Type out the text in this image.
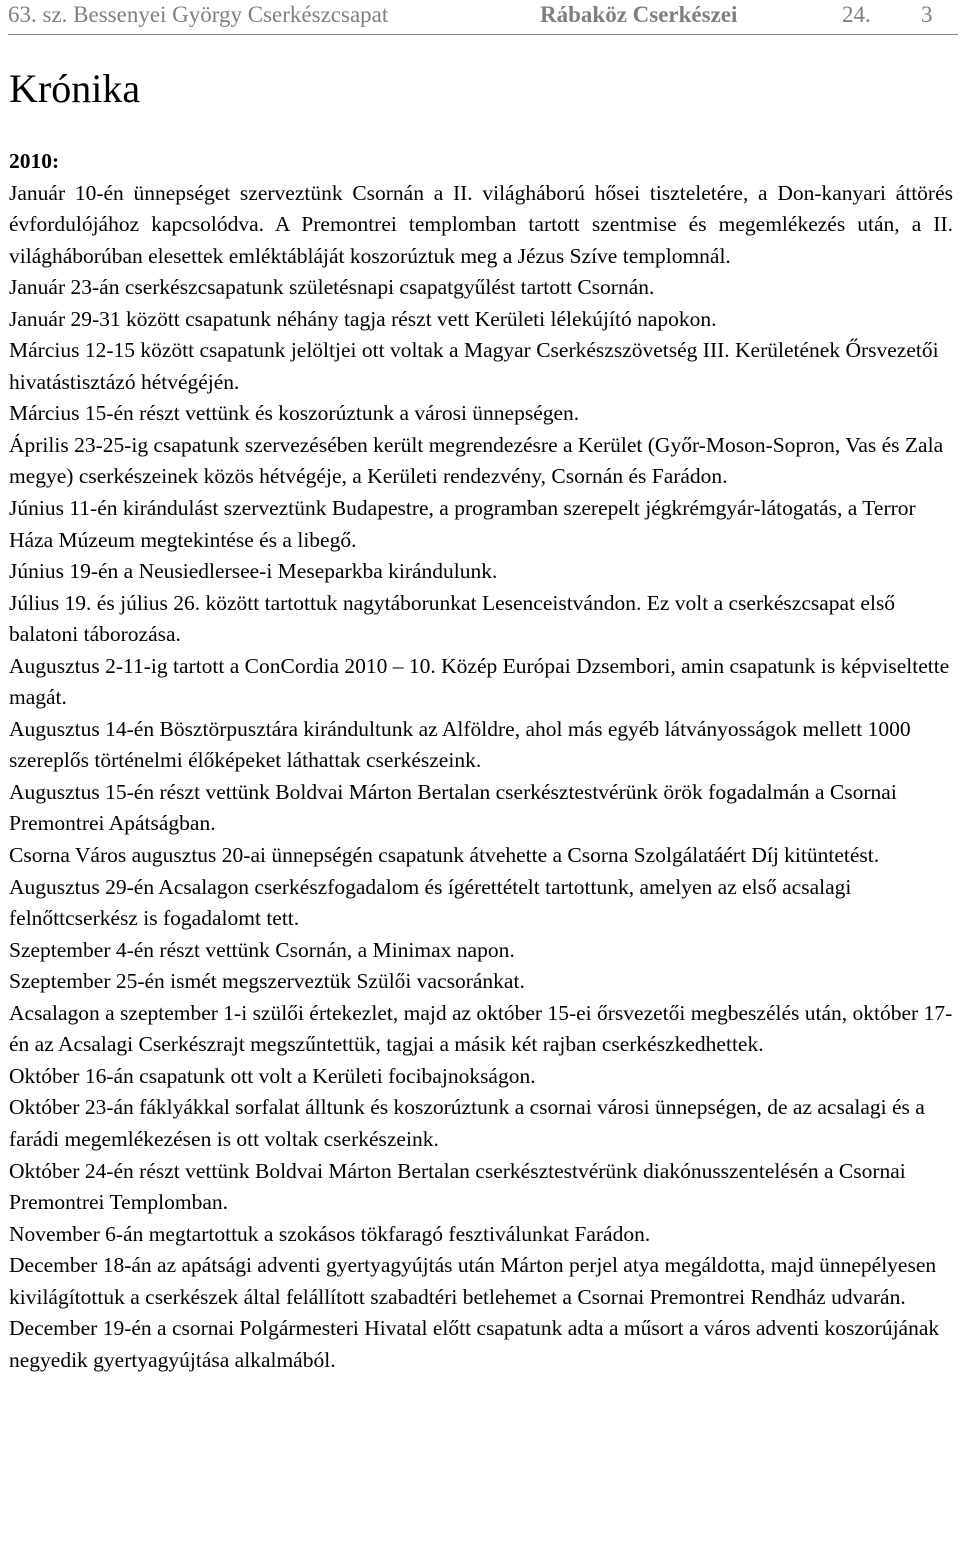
63. sz. Bessenyei György Cserkészcsapat	Rábaköz Cserkészei	24. 3
Krónika

2010:

Január 10-én ünnepséget szerveztünk Csornán a II. világháború hősei tiszteletére, a Don-kanyari áttörés évfordulójához kapcsolódva. A Premontrei templomban tartott szentmise és megemlékezés után, a II. világháborúban elesettek emléktábláját koszorúztuk meg a Jézus Szíve templomnál.

Január 23-án cserkészcsapatunk születésnapi csapatgyűlést tartott Csornán.

Január 29-31 között csapatunk néhány tagja részt vett Kerületi lélekújító napokon.

Március 12-15 között csapatunk jelöltjei ott voltak a Magyar Cserkészszövetség III. Kerületének Őrsvezetői hivatástisztázó hétvégéjén.

Március 15-én részt vettünk és koszorúztunk a városi ünnepségen.

Április 23-25-ig csapatunk szervezésében került megrendezésre a Kerület (Győr-Moson-Sopron, Vas és Zala megye) cserkészeinek közös hétvégéje, a Kerületi rendezvény, Csornán és Farádon.

Június 11-én kirándulást szerveztünk Budapestre, a programban szerepelt jégkrémgyár-látogatás, a Terror Háza Múzeum megtekintése és a libegő.

Június 19-én a Neusiedlersee-i Meseparkba kirándulunk.

Július 19. és július 26. között tartottuk nagytáborunkat Lesenceistvándon. Ez volt a cserkészcsapat első balatoni táborozása.

Augusztus 2-11-ig tartott a ConCordia 2010 – 10. Közép Európai Dzsembori, amin csapatunk is képviseltette magát.

Augusztus 14-én Bösztörpusztára kirándultunk az Alföldre, ahol más egyéb látványosságok mellett 1000 szereplős történelmi élőképeket láthattak cserkészeink.

Augusztus 15-én részt vettünk Boldvai Márton Bertalan cserkésztestvérünk örök fogadalmán a Csornai Premontrei Apátságban.

Csorna Város augusztus 20-ai ünnepségén csapatunk átvehette a Csorna Szolgálatáért Díj kitüntetést.

Augusztus 29-én Acsalagon cserkészfogadalom és ígérettételt tartottunk, amelyen az első acsalagi felnőttcserkész is fogadalomt tett.

Szeptember 4-én részt vettünk Csornán, a Minimax napon.

Szeptember 25-én ismét megszerveztük Szülői vacsoránkat.

Acsalagon a szeptember 1-i szülői értekezlet, majd az október 15-ei őrsvezetői megbeszélés után, október 17-én az Acsalagi Cserkészrajt megszűntettük, tagjai a másik két rajban cserkészkedhettek.

Október 16-án csapatunk ott volt a Kerületi focibajnokságon.

Október 23-án fáklyákkal sorfalat álltunk és koszorúztunk a csornai városi ünnepségen, de az acsalagi és a farádi megemlékezésen is ott voltak cserkészeink.

Október 24-én részt vettünk Boldvai Márton Bertalan cserkésztestvérünk diakónusszentelésén a Csornai Premontrei Templomban.

November 6-án megtartottuk a szokásos tökfaragó fesztiválunkat Farádon.

December 18-án az apátsági adventi gyertyagyújtás után Márton perjel atya megáldotta, majd ünnepélyesen kivilágítottuk a cserkészek által felállított szabadtéri betlehemet a Csornai Premontrei Rendház udvarán.

December 19-én a csornai Polgármesteri Hivatal előtt csapatunk adta a műsort a város adventi koszorújának negyedik gyertyagyújtása alkalmából.
